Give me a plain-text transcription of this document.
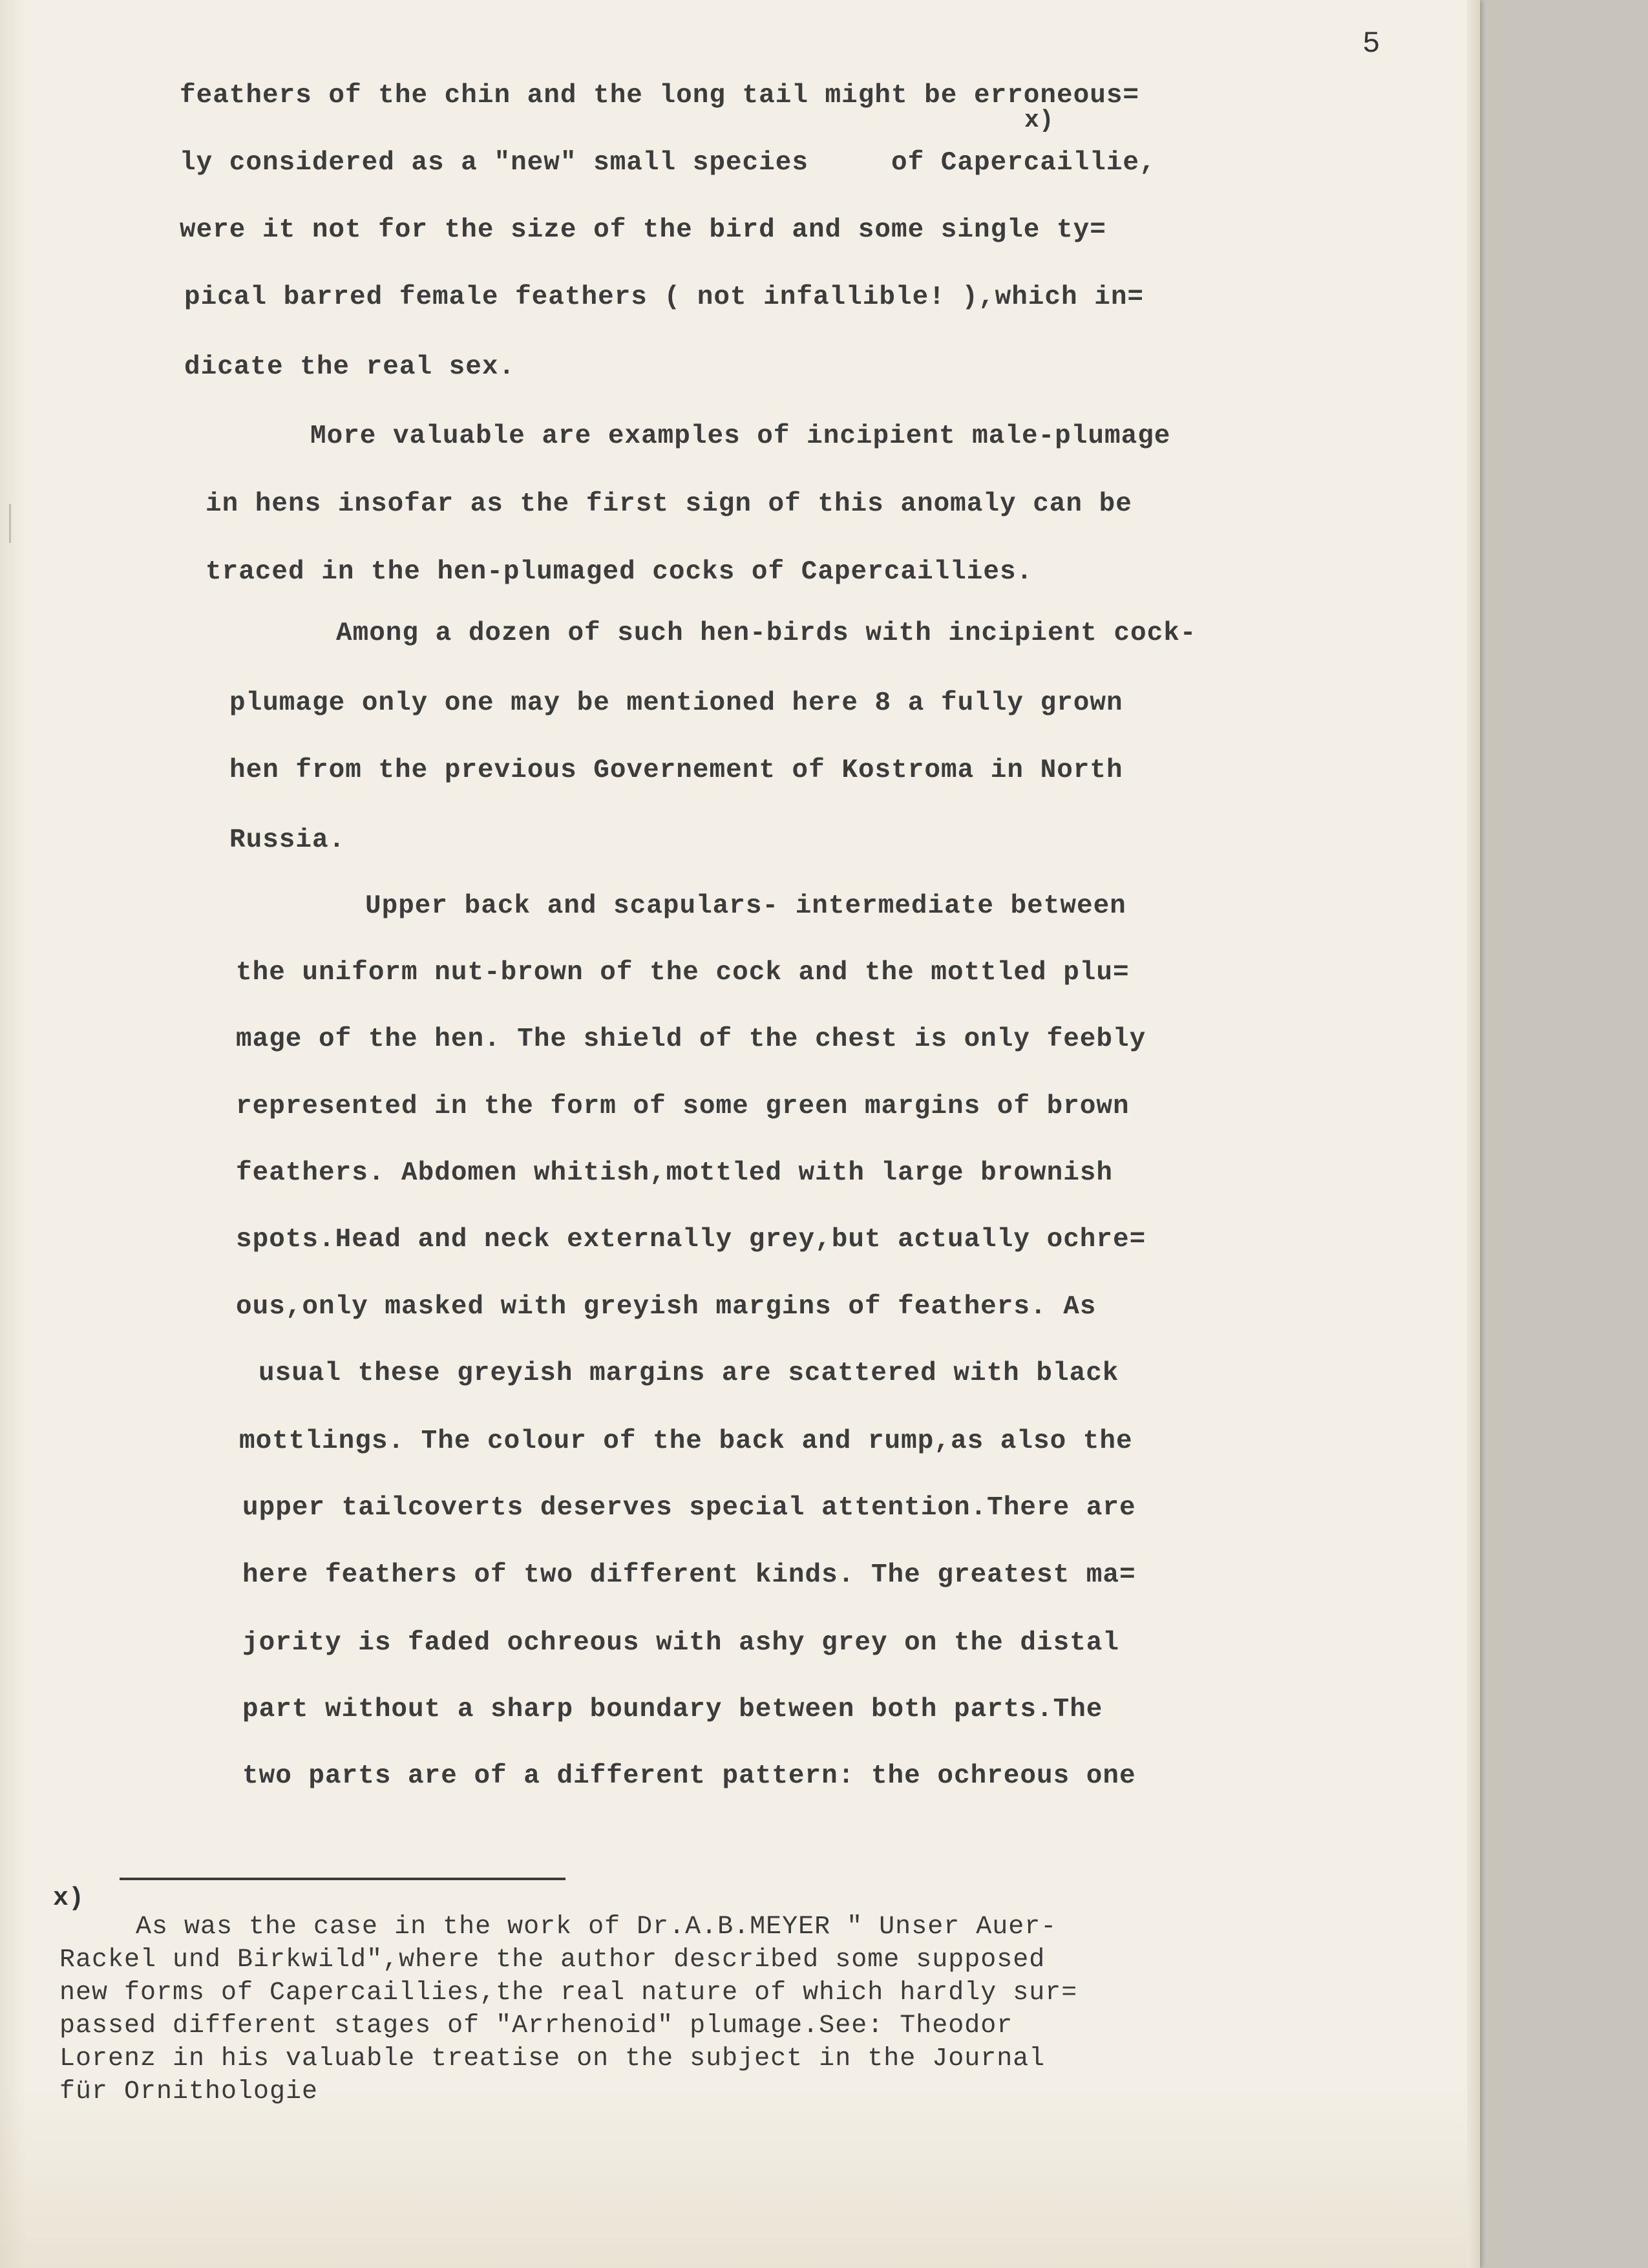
5
x)
feathers of the chin and the long tail might be erroneous=
ly considered as a "new" small species     of Capercaillie,
were it not for the size of the bird and some single ty=
pical barred female feathers ( not infallible! ),which in=
dicate the real sex.
More valuable are examples of incipient male-plumage
in hens insofar as the first sign of this anomaly can be
traced in the hen-plumaged cocks of Capercaillies.
Among a dozen of such hen-birds with incipient cock-
plumage only one may be mentioned here 8 a fully grown
hen from the previous Governement of Kostroma in North
Russia.
Upper back and scapulars- intermediate between
the uniform nut-brown of the cock and the mottled plu=
mage of the hen. The shield of the chest is only feebly
represented in the form of some green margins of brown
feathers. Abdomen whitish,mottled with large brownish
spots.Head and neck externally grey,but actually ochre=
ous,only masked with greyish margins of feathers. As
usual these greyish margins are scattered with black
mottlings. The colour of the back and rump,as also the
upper tailcoverts deserves special attention.There are
here feathers of two different kinds. The greatest ma=
jority is faded ochreous with ashy grey on the distal
part without a sharp boundary between both parts.The
two parts are of a different pattern: the ochreous one
x)
As was the case in the work of Dr.A.B.MEYER " Unser Auer-
Rackel und Birkwild",where the author described some supposed
new forms of Capercaillies,the real nature of which hardly sur=
passed different stages of "Arrhenoid" plumage.See: Theodor
Lorenz in his valuable treatise on the subject in the Journal
für Ornithologie
